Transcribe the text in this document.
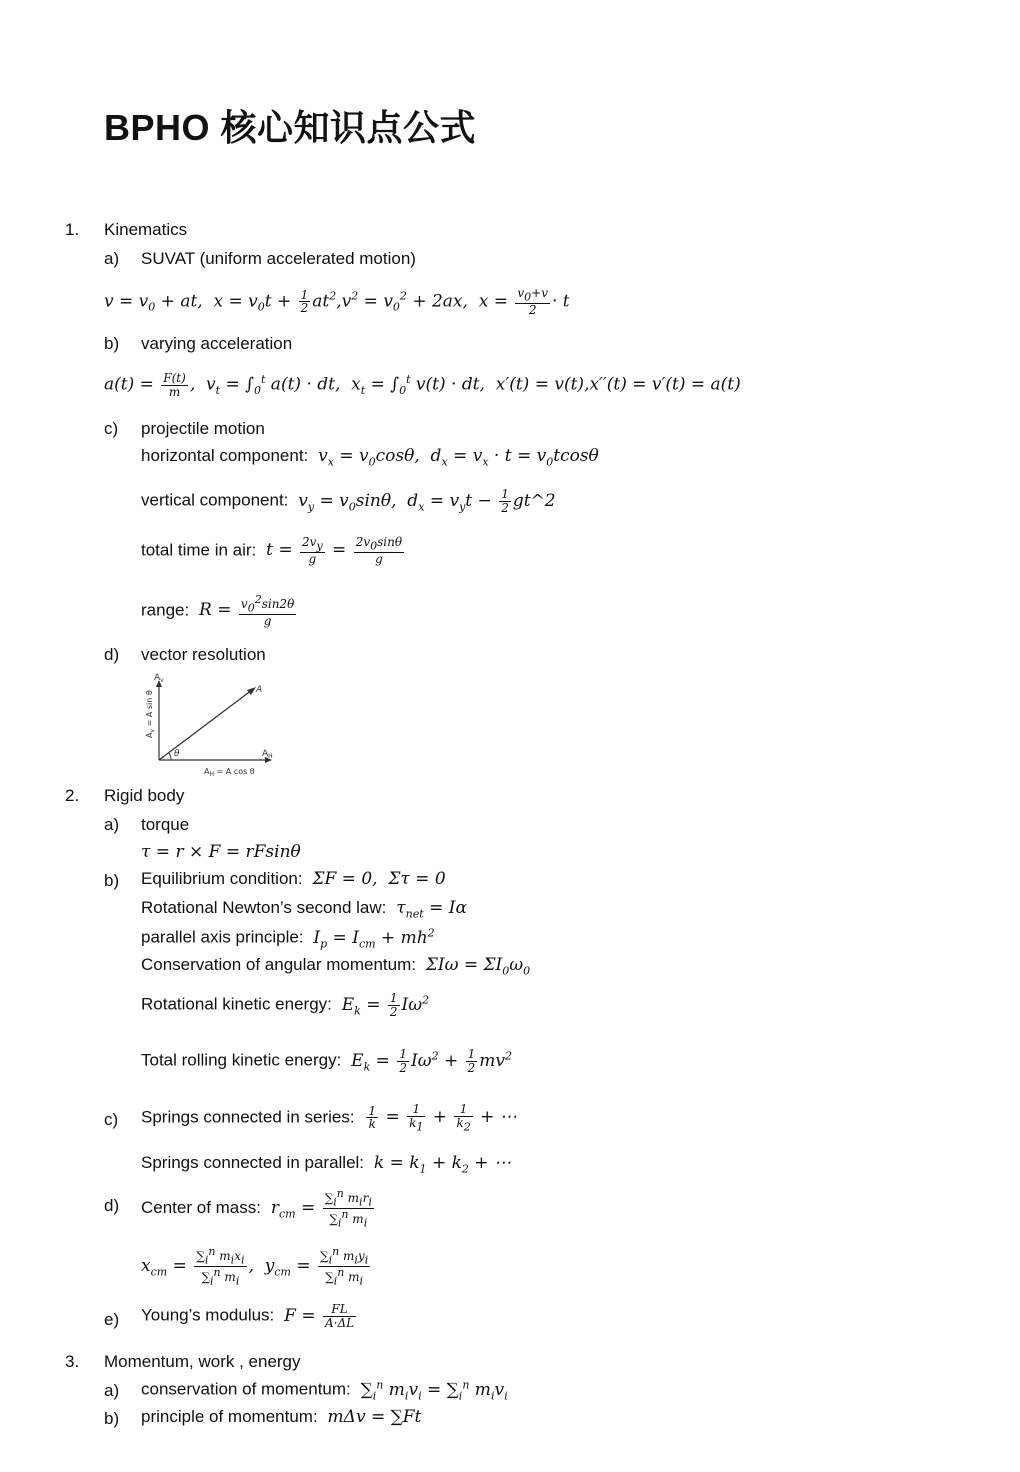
BPHO 核心知识点公式
1. Kinematics
a) SUVAT (uniform accelerated motion)
$v = v_0$ + at,  $x = v_0t + \frac{1}{2} at^2,v^2 = v_0^2 + 2ax$,  $x = \frac{v_0+v}{2} \cdot t$
b) varying acceleration
$a(t) = \frac{F(t)}{m}$ ,  $v_t = \int_0^t$ a(t) · dt,  $x_t = \int_0^t$ v(t) · dt,  x′(t) = v(t),x′′(t) = v′(t) = a(t)
c) projectile motion
horizontal component:  $v_x = v_0\cos\theta$,  $d_x = v_x \cdot t = v_0tcos\theta$
vertical component:  $v_y = v_0\sin\theta$,  $d_x = v_yt - \frac{1}{2}$ gt^2
total time in air:  $t = \frac{2v_y}{g} = \frac{2v_0\sin\theta}{g}$
range:  $R = \frac{v_0^2\sin 2\theta}{g}$
d) vector resolution
$A_v$
A
$A_H$
θ
$A_v = A$ sin θ
$A_H = A$ cos θ
2. Rigid body
a) torque
τ = r × F = rFsinθ
b) Equilibrium condition:  ΣF = 0,  Στ = 0
Rotational Newton’s second law:  $\tau_{net} = I\alpha$
parallel axis principle:  $I_p = I_{cm} + mh^2$
Conservation of angular momentum:  $\Sigma I\omega = \Sigma I_0\omega_0$
Rotational kinetic energy:  $E_k = \frac{1}{2} I\omega^2$
Total rolling kinetic energy:  $E_k = \frac{1}{2} I\omega^2 + \frac{1}{2} mv^2$
c) Springs connected in series: $\frac{1}{k} = \frac{1}{k_1} + \frac{1}{k_2}$ + ⋯
Springs connected in parallel:  $k = k_1 + k_2$ + ⋯
d) Center of mass:  $r_{cm} = \sum_i^n$ $m_ir_i$
$\sum_i^n$ $m_i$
$x_{cm} = \sum_i^n$ $m_ix_i$
$\sum_i^n$ $m_i$
,  $y_{cm} = \sum_i^n$ $m_iy_i$
$\sum_i^n$ $m_i$
e) Young’s modulus:  $F = \frac{FL}{A\cdot\Delta L}$
3. Momentum, work , energy
a) conservation of momentum:  $\sum_i^n$ $m_iv_i = \sum_i^n$ $m_iv_i$
b) principle of momentum:  mΔv = ∑Ft
